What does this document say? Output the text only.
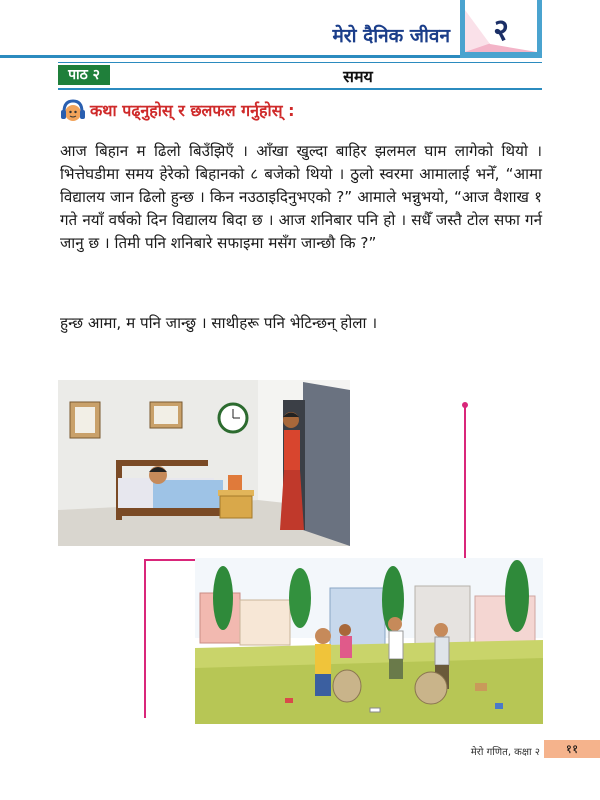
मेरो दैनिक जीवन	२
पाठ २	समय
कथा पढ्नुहोस् र छलफल गर्नुहोस् :
आज बिहान म ढिलो बिउँझिएँ । आँखा खुल्दा बाहिर झलमल घाम लागेको थियो । भित्तेघडीमा समय हेरेको बिहानको ८ बजेको थियो । ठुलो स्वरमा आमालाई भनेँ, “आमा विद्यालय जान ढिलो हुन्छ । किन नउठाइदिनुभएको ?” आमाले भन्नुभयो, “आज वैशाख १ गते नयाँ वर्षको दिन विद्यालय बिदा छ । आज शनिबार पनि हो । सधैँ जस्तै टोल सफा गर्न जानु छ । तिमी पनि शनिबारे सफाइमा मसँग जान्छौ कि ?”
हुन्छ आमा, म पनि जान्छु । साथीहरू पनि भेटिन्छन् होला ।
मेरो गणित, कक्षा २	११
